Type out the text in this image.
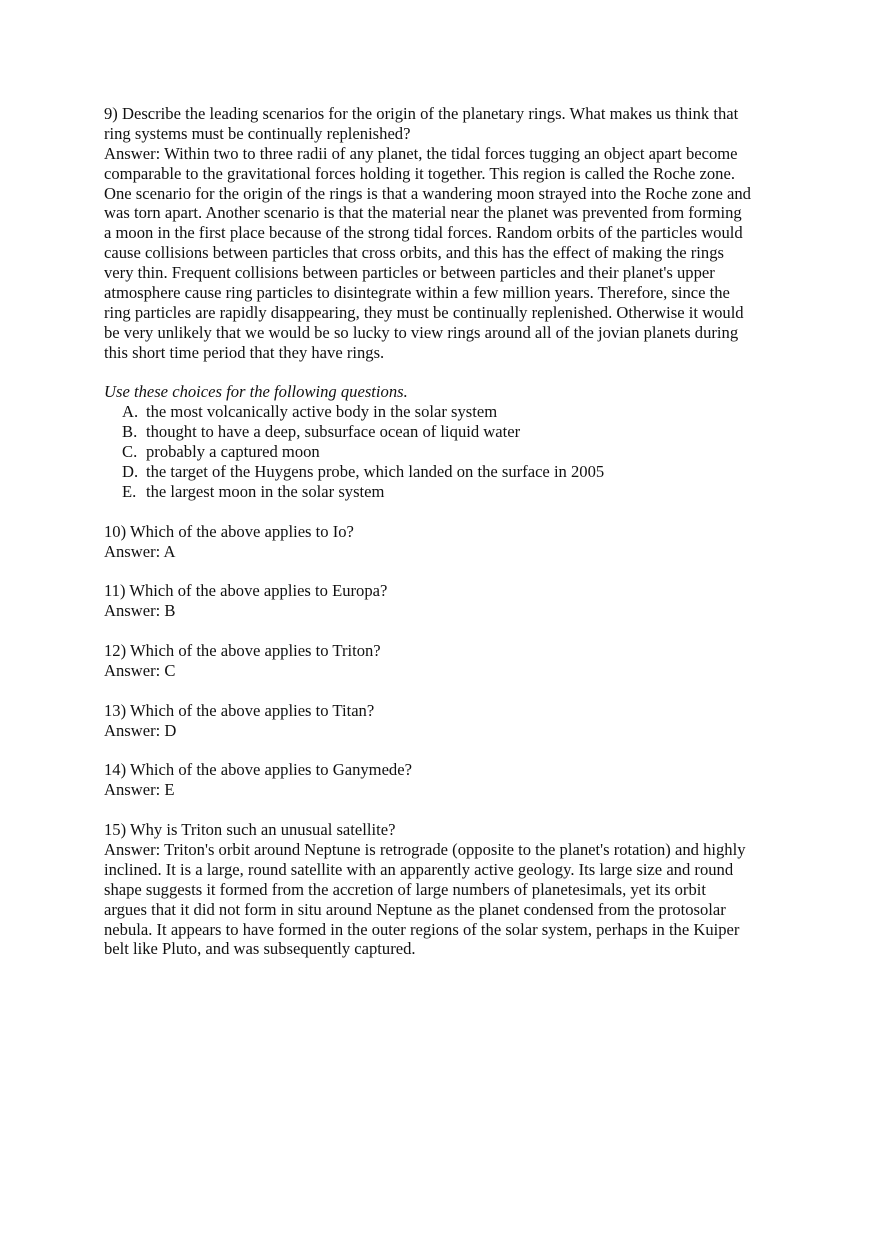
9) Describe the leading scenarios for the origin of the planetary rings. What makes us think that
ring systems must be continually replenished?
Answer: Within two to three radii of any planet, the tidal forces tugging an object apart become
comparable to the gravitational forces holding it together. This region is called the Roche zone.
One scenario for the origin of the rings is that a wandering moon strayed into the Roche zone and
was torn apart. Another scenario is that the material near the planet was prevented from forming
a moon in the first place because of the strong tidal forces. Random orbits of the particles would
cause collisions between particles that cross orbits, and this has the effect of making the rings
very thin. Frequent collisions between particles or between particles and their planet's upper
atmosphere cause ring particles to disintegrate within a few million years. Therefore, since the
ring particles are rapidly disappearing, they must be continually replenished. Otherwise it would
be very unlikely that we would be so lucky to view rings around all of the jovian planets during
this short time period that they have rings.
Use these choices for the following questions.
A. the most volcanically active body in the solar system
B. thought to have a deep, subsurface ocean of liquid water
C. probably a captured moon
D. the target of the Huygens probe, which landed on the surface in 2005
E. the largest moon in the solar system
10) Which of the above applies to Io?
Answer: A
11) Which of the above applies to Europa?
Answer: B
12) Which of the above applies to Triton?
Answer: C
13) Which of the above applies to Titan?
Answer: D
14) Which of the above applies to Ganymede?
Answer: E
15) Why is Triton such an unusual satellite?
Answer: Triton's orbit around Neptune is retrograde (opposite to the planet's rotation) and highly
inclined. It is a large, round satellite with an apparently active geology. Its large size and round
shape suggests it formed from the accretion of large numbers of planetesimals, yet its orbit
argues that it did not form in situ around Neptune as the planet condensed from the protosolar
nebula. It appears to have formed in the outer regions of the solar system, perhaps in the Kuiper
belt like Pluto, and was subsequently captured.
